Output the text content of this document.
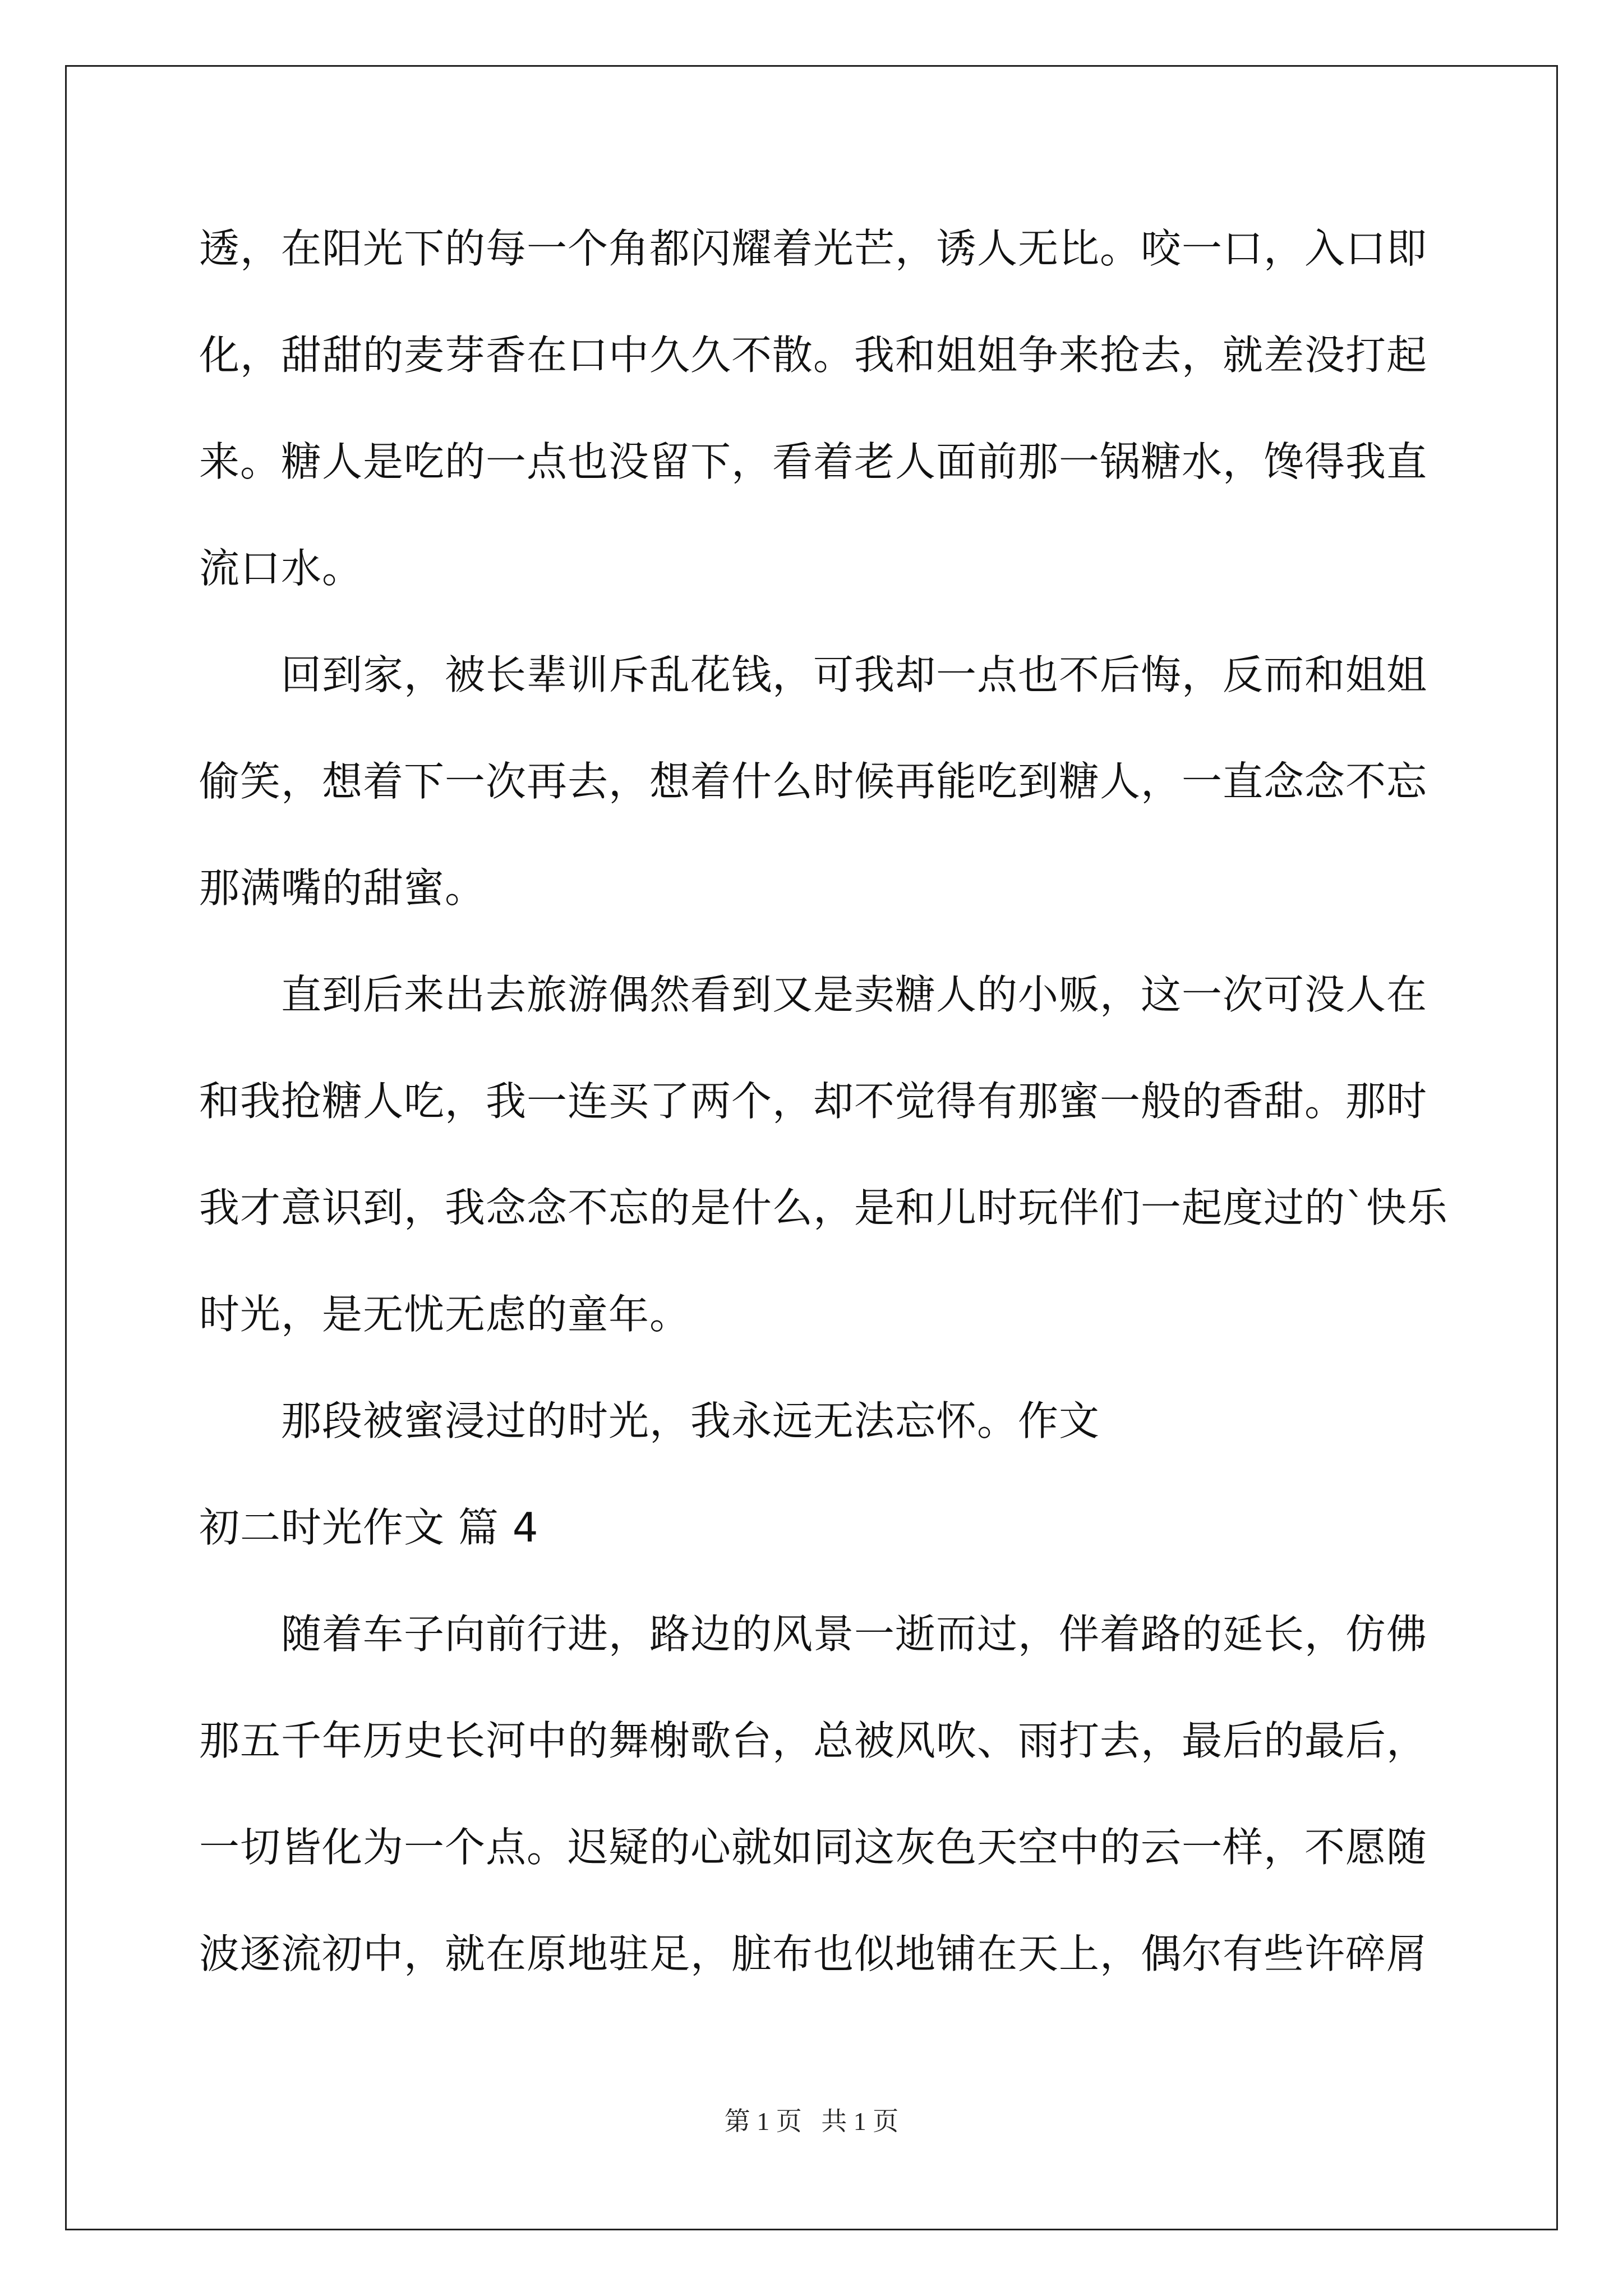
透，在阳光下的每一个角都闪耀着光芒，诱人无比。咬一口，入口即

化，甜甜的麦芽香在口中久久不散。我和姐姐争来抢去，就差没打起

来。糖人是吃的一点也没留下，看着老人面前那一锅糖水，馋得我直

流口水。

回到家，被长辈训斥乱花钱，可我却一点也不后悔，反而和姐姐

偷笑，想着下一次再去，想着什么时候再能吃到糖人，一直念念不忘

那满嘴的甜蜜。

直到后来出去旅游偶然看到又是卖糖人的小贩，这一次可没人在

和我抢糖人吃，我一连买了两个，却不觉得有那蜜一般的香甜。那时

我才意识到，我念念不忘的是什么，是和儿时玩伴们一起度过的`快乐

时光，是无忧无虑的童年。

那段被蜜浸过的时光，我永远无法忘怀。作文

初二时光作文 篇 4

随着车子向前行进，路边的风景一逝而过，伴着路的延长，仿佛

那五千年历史长河中的舞榭歌台，总被风吹、雨打去，最后的最后，

一切皆化为一个点。迟疑的心就如同这灰色天空中的云一样，不愿随

波逐流初中，就在原地驻足，脏布也似地铺在天上，偶尔有些许碎屑

第 1 页   共 1 页
